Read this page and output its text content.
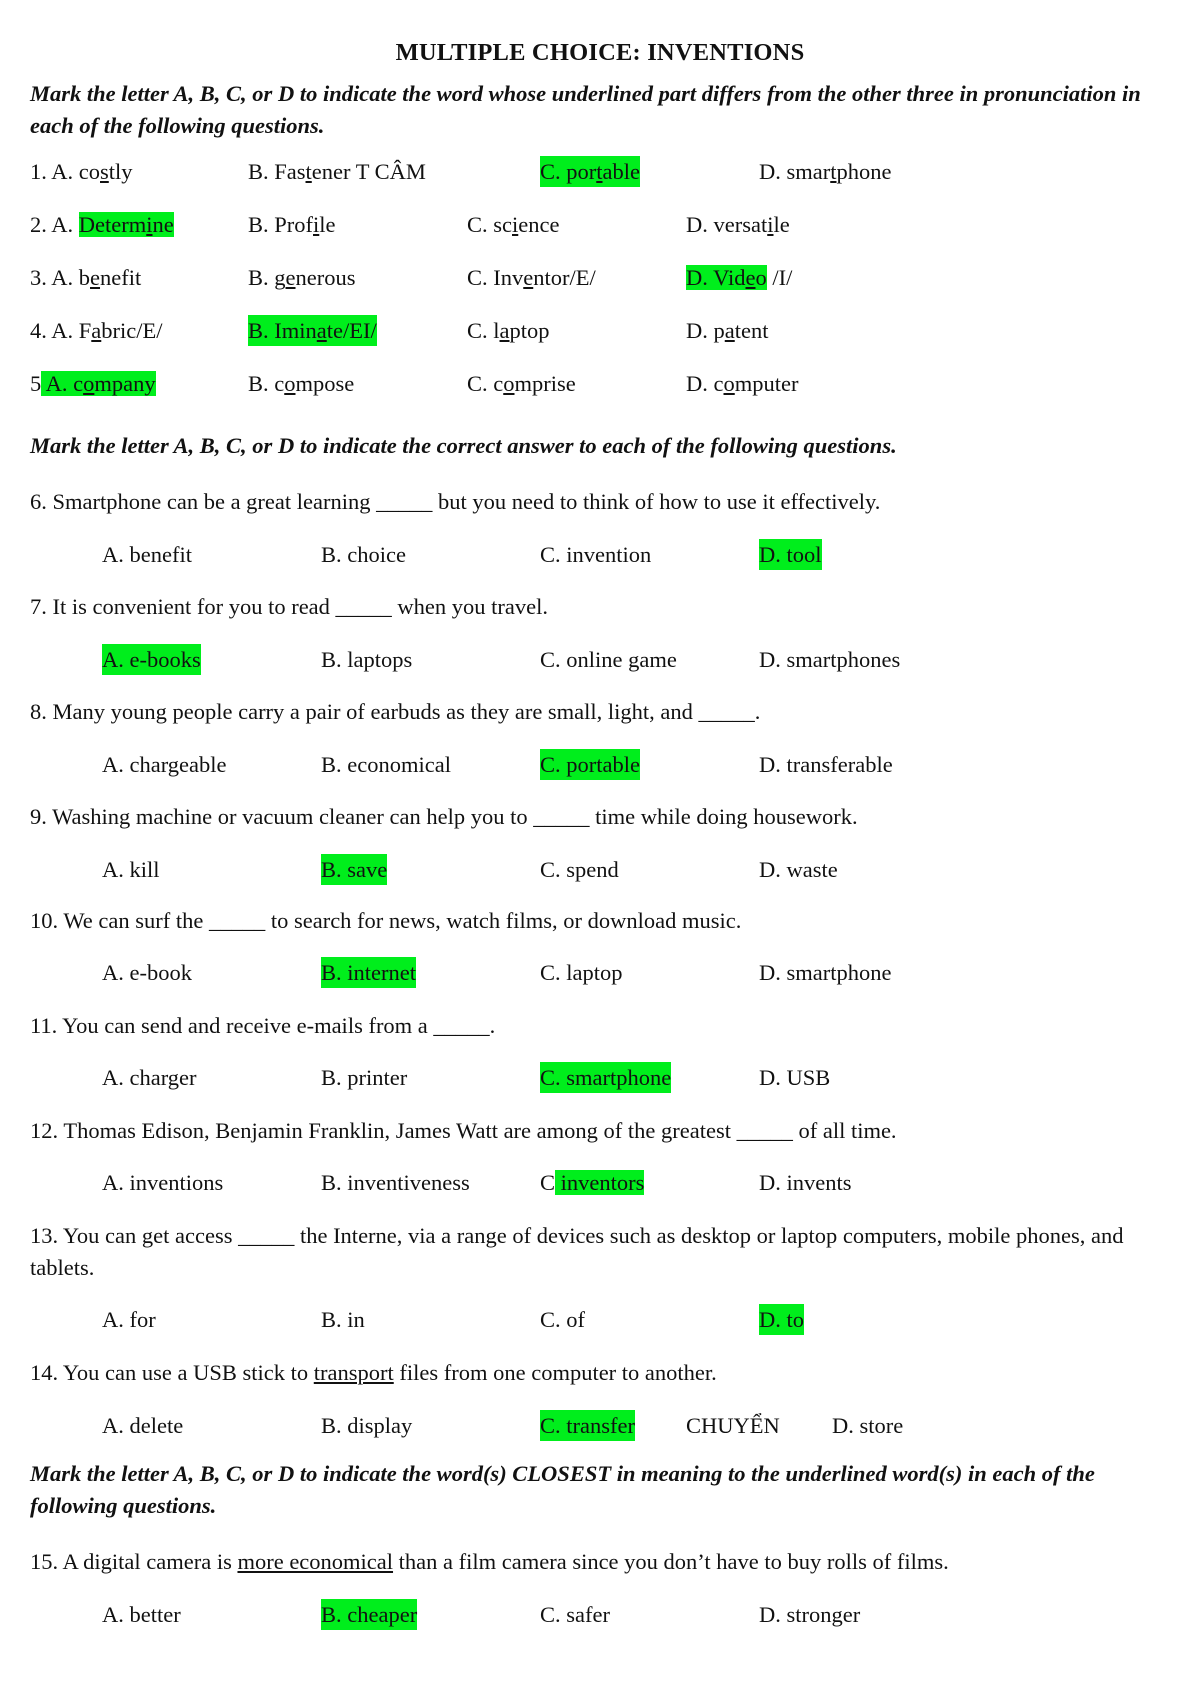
MULTIPLE CHOICE: INVENTIONS
Mark the letter A, B, C, or D to indicate the word whose underlined part differs from the other three in pronunciation in each of the following questions.
1. A. costly	B. Fastener T CÂM	C. portable	D. smartphone
2. A. Determine	B. Profile	C. science	D. versatile
3. A. benefit	B. generous	C. Inventor/E/	D. Video /I/
4. A. Fabric/E/	B. Iminate/EI/	C. laptop	D. patent
5 A. company	B. compose	C. comprise	D. computer
Mark the letter A, B, C, or D to indicate the correct answer to each of the following questions.
6. Smartphone can be a great learning _____ but you need to think of how to use it effectively.
A. benefit	B. choice	C. invention	D. tool
7. It is convenient for you to read _____ when you travel.
A. e-books	B. laptops	C. online game	D. smartphones
8. Many young people carry a pair of earbuds as they are small, light, and _____.
A. chargeable	B. economical	C. portable	D. transferable
9. Washing machine or vacuum cleaner can help you to _____ time while doing housework.
A. kill	B. save	C. spend	D. waste
10. We can surf the _____ to search for news, watch films, or download music.
A. e-book	B. internet	C. laptop	D. smartphone
11. You can send and receive e-mails from a _____.
A. charger	B. printer	C. smartphone	D. USB
12. Thomas Edison, Benjamin Franklin, James Watt are among of the greatest _____ of all time.
A. inventions	B. inventiveness	C inventors	D. invents
13. You can get access _____ the Interne, via a range of devices such as desktop or laptop computers, mobile phones, and tablets.
A. for	B. in	C. of	D. to
14. You can use a USB stick to transport files from one computer to another.
A. delete	B. display	C. transfer CHUYỂN D. store
Mark the letter A, B, C, or D to indicate the word(s) CLOSEST in meaning to the underlined word(s) in each of the following questions.
15. A digital camera is more economical than a film camera since you don’t have to buy rolls of films.
A. better	B. cheaper	C. safer	D. stronger
